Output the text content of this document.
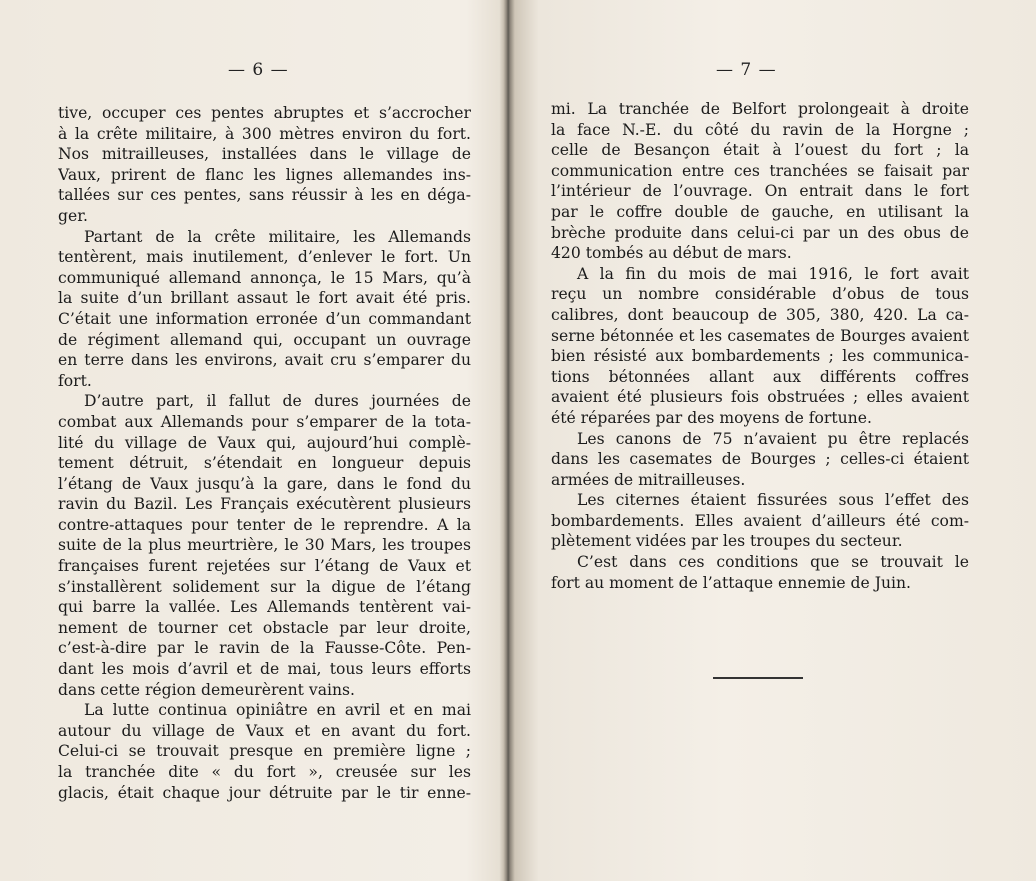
— 6 —
tive, occuper ces pentes abruptes et s’accrocher
à la crête militaire, à 300 mètres environ du fort.
Nos mitrailleuses, installées dans le village de
Vaux, prirent de flanc les lignes allemandes ins-
tallées sur ces pentes, sans réussir à les en déga-
ger.
Partant de la crête militaire, les Allemands
tentèrent, mais inutilement, d’enlever le fort. Un
communiqué allemand annonça, le 15 Mars, qu’à
la suite d’un brillant assaut le fort avait été pris.
C’était une information erronée d’un commandant
de régiment allemand qui, occupant un ouvrage
en terre dans les environs, avait cru s’emparer du
fort.
D’autre part, il fallut de dures journées de
combat aux Allemands pour s’emparer de la tota-
lité du village de Vaux qui, aujourd’hui complè-
tement détruit, s’étendait en longueur depuis
l’étang de Vaux jusqu’à la gare, dans le fond du
ravin du Bazil. Les Français exécutèrent plusieurs
contre-attaques pour tenter de le reprendre. A la
suite de la plus meurtrière, le 30 Mars, les troupes
françaises furent rejetées sur l’étang de Vaux et
s’installèrent solidement sur la digue de l’étang
qui barre la vallée. Les Allemands tentèrent vai-
nement de tourner cet obstacle par leur droite,
c’est-à-dire par le ravin de la Fausse-Côte. Pen-
dant les mois d’avril et de mai, tous leurs efforts
dans cette région demeurèrent vains.
La lutte continua opiniâtre en avril et en mai
autour du village de Vaux et en avant du fort.
Celui-ci se trouvait presque en première ligne ;
la tranchée dite « du fort », creusée sur les
glacis, était chaque jour détruite par le tir enne-
— 7 —
mi. La tranchée de Belfort prolongeait à droite
la face N.-E. du côté du ravin de la Horgne ;
celle de Besançon était à l’ouest du fort ; la
communication entre ces tranchées se faisait par
l’intérieur de l’ouvrage. On entrait dans le fort
par le coffre double de gauche, en utilisant la
brèche produite dans celui-ci par un des obus de
420 tombés au début de mars.
A la fin du mois de mai 1916, le fort avait
reçu un nombre considérable d’obus de tous
calibres, dont beaucoup de 305, 380, 420. La ca-
serne bétonnée et les casemates de Bourges avaient
bien résisté aux bombardements ; les communica-
tions bétonnées allant aux différents coffres
avaient été plusieurs fois obstruées ; elles avaient
été réparées par des moyens de fortune.
Les canons de 75 n’avaient pu être replacés
dans les casemates de Bourges ; celles-ci étaient
armées de mitrailleuses.
Les citernes étaient fissurées sous l’effet des
bombardements. Elles avaient d’ailleurs été com-
plètement vidées par les troupes du secteur.
C’est dans ces conditions que se trouvait le
fort au moment de l’attaque ennemie de Juin.
